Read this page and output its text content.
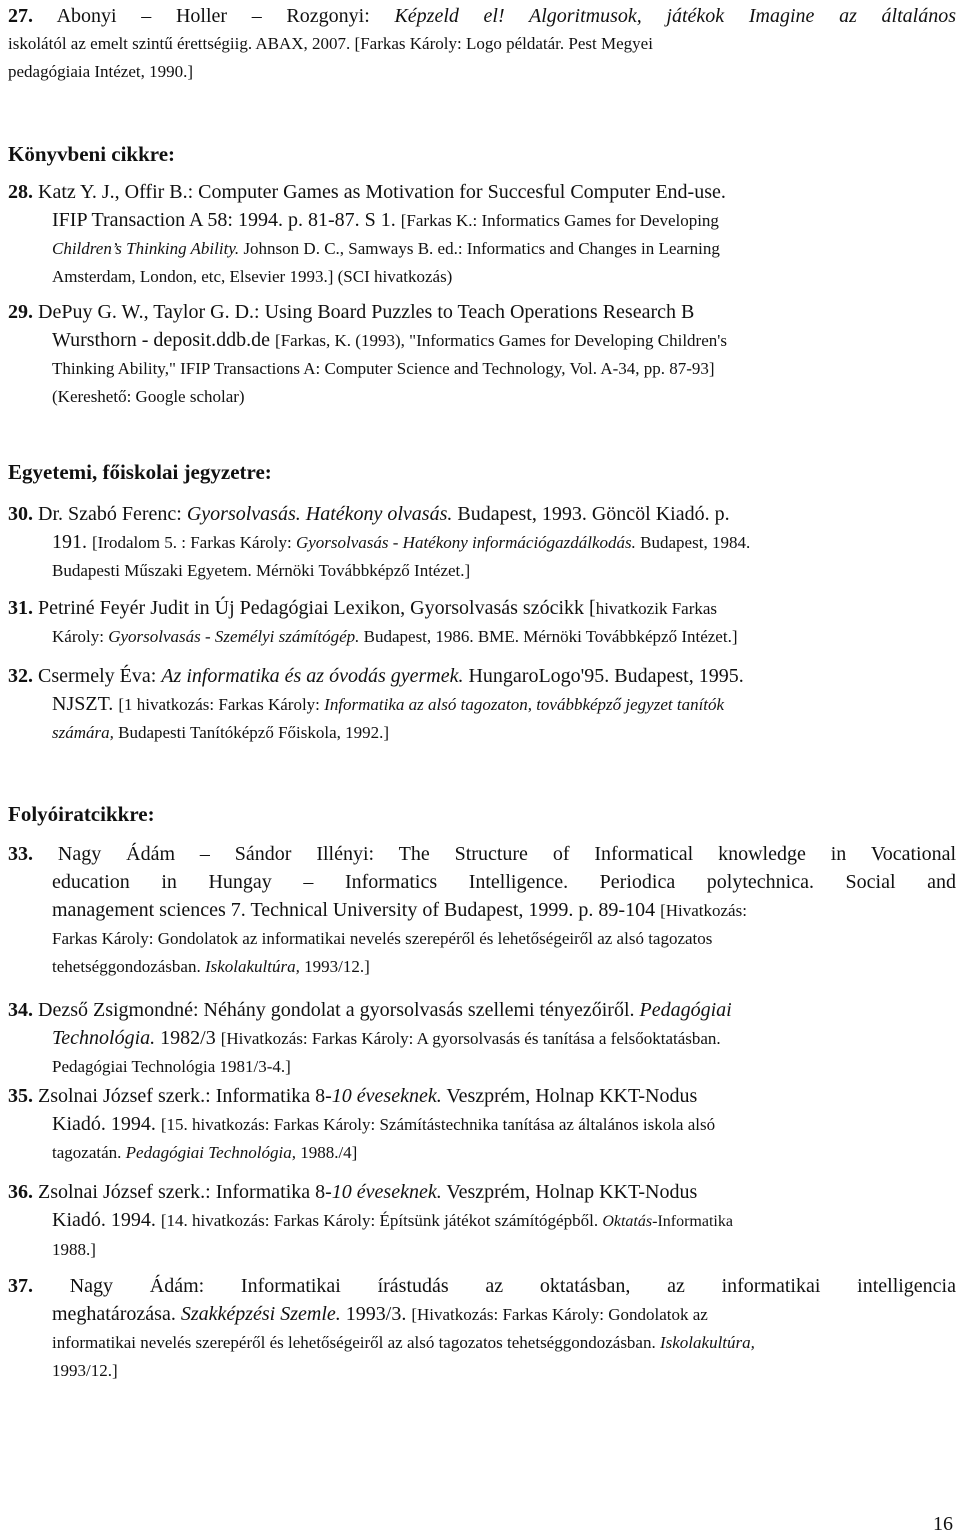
27. Abonyi – Holler – Rozgonyi: Képzeld el! Algoritmusok, játékok Imagine az általános
iskolától az emelt szintű érettségiig. ABAX, 2007. [Farkas Károly: Logo példatár. Pest Megyei
pedagógiaia Intézet, 1990.]
Könyvbeni cikkre:
28. Katz Y. J., Offir B.: Computer Games as Motivation for Succesful Computer End-use.
IFIP Transaction A 58: 1994. p. 81-87. S 1. [Farkas K.: Informatics Games for Developing
Children’s Thinking Ability. Johnson D. C., Samways B. ed.: Informatics and Changes in Learning
Amsterdam, London, etc, Elsevier 1993.] (SCI hivatkozás)
29. DePuy G. W., Taylor G. D.: Using Board Puzzles to Teach Operations Research B
Wursthorn - deposit.ddb.de [Farkas, K. (1993), "Informatics Games for Developing Children's
Thinking Ability," IFIP Transactions A: Computer Science and Technology, Vol. A-34, pp. 87-93]
(Kereshető: Google scholar)
Egyetemi, főiskolai jegyzetre:
30. Dr. Szabó Ferenc: Gyorsolvasás. Hatékony olvasás. Budapest, 1993. Göncöl Kiadó. p.
191. [Irodalom 5. : Farkas Károly: Gyorsolvasás - Hatékony információgazdálkodás. Budapest, 1984.
Budapesti Műszaki Egyetem. Mérnöki Továbbképző Intézet.]
31. Petriné Feyér Judit in Új Pedagógiai Lexikon, Gyorsolvasás szócikk [hivatkozik Farkas
Károly: Gyorsolvasás - Személyi számítógép. Budapest, 1986. BME. Mérnöki Továbbképző Intézet.]
32. Csermely Éva: Az informatika és az óvodás gyermek. HungaroLogo'95. Budapest, 1995.
NJSZT. [1 hivatkozás: Farkas Károly: Informatika az alsó tagozaton, továbbképző jegyzet tanítók
számára, Budapesti Tanítóképző Főiskola, 1992.]
Folyóiratcikkre:
33. Nagy Ádám – Sándor Illényi: The Structure of Informatical knowledge in Vocational
education in Hungay – Informatics Intelligence. Periodica polytechnica. Social and
management sciences 7. Technical University of Budapest, 1999. p. 89-104 [Hivatkozás:
Farkas Károly: Gondolatok az informatikai nevelés szerepéről és lehetőségeiről az alsó tagozatos
tehetséggondozásban. Iskolakultúra, 1993/12.]
34. Dezső Zsigmondné: Néhány gondolat a gyorsolvasás szellemi tényezőiről. Pedagógiai
Technológia. 1982/3 [Hivatkozás: Farkas Károly: A gyorsolvasás és tanítása a felsőoktatásban.
Pedagógiai Technológia 1981/3-4.]
35. Zsolnai József szerk.: Informatika 8-10 éveseknek. Veszprém, Holnap KKT-Nodus
Kiadó. 1994. [15. hivatkozás: Farkas Károly: Számítástechnika tanítása az általános iskola alsó
tagozatán. Pedagógiai Technológia, 1988./4]
36. Zsolnai József szerk.: Informatika 8-10 éveseknek. Veszprém, Holnap KKT-Nodus
Kiadó. 1994. [14. hivatkozás: Farkas Károly: Építsünk játékot számítógépből. Oktatás-Informatika
1988.]
37. Nagy Ádám: Informatikai írástudás az oktatásban, az informatikai intelligencia
meghatározása. Szakképzési Szemle. 1993/3. [Hivatkozás: Farkas Károly: Gondolatok az
informatikai nevelés szerepéről és lehetőségeiről az alsó tagozatos tehetséggondozásban. Iskolakultúra,
1993/12.]
16
